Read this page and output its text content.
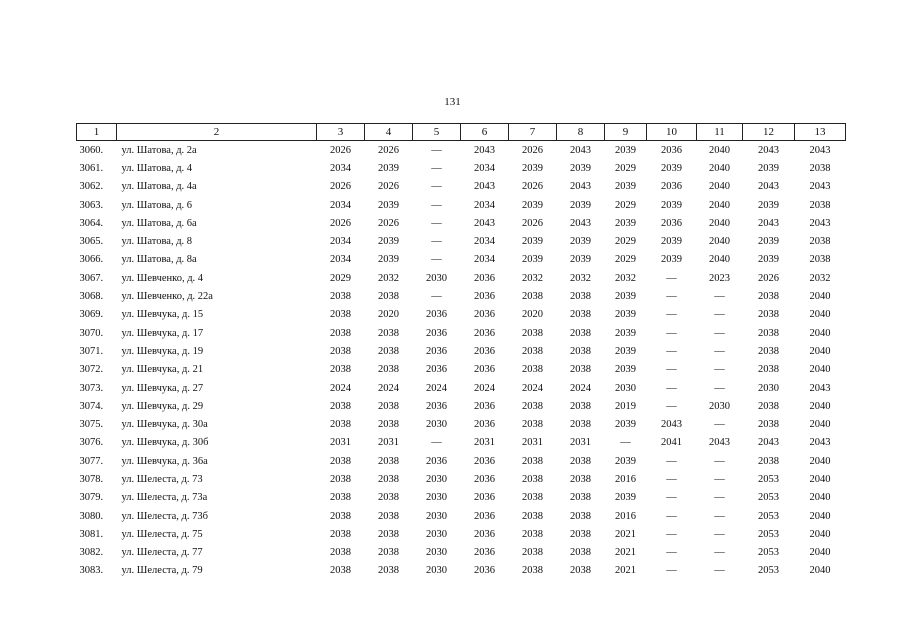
131
1	2	3	4	5	6	7	8	9	10	11	12	13
3060.	ул. Шатова, д. 2а	2026	2026	—	2043	2026	2043	2039	2036	2040	2043	2043
3061.	ул. Шатова, д. 4	2034	2039	—	2034	2039	2039	2029	2039	2040	2039	2038
3062.	ул. Шатова, д. 4а	2026	2026	—	2043	2026	2043	2039	2036	2040	2043	2043
3063.	ул. Шатова, д. 6	2034	2039	—	2034	2039	2039	2029	2039	2040	2039	2038
3064.	ул. Шатова, д. 6а	2026	2026	—	2043	2026	2043	2039	2036	2040	2043	2043
3065.	ул. Шатова, д. 8	2034	2039	—	2034	2039	2039	2029	2039	2040	2039	2038
3066.	ул. Шатова, д. 8а	2034	2039	—	2034	2039	2039	2029	2039	2040	2039	2038
3067.	ул. Шевченко, д. 4	2029	2032	2030	2036	2032	2032	2032	—	2023	2026	2032
3068.	ул. Шевченко, д. 22а	2038	2038	—	2036	2038	2038	2039	—	—	2038	2040
3069.	ул. Шевчука, д. 15	2038	2020	2036	2036	2020	2038	2039	—	—	2038	2040
3070.	ул. Шевчука, д. 17	2038	2038	2036	2036	2038	2038	2039	—	—	2038	2040
3071.	ул. Шевчука, д. 19	2038	2038	2036	2036	2038	2038	2039	—	—	2038	2040
3072.	ул. Шевчука, д. 21	2038	2038	2036	2036	2038	2038	2039	—	—	2038	2040
3073.	ул. Шевчука, д. 27	2024	2024	2024	2024	2024	2024	2030	—	—	2030	2043
3074.	ул. Шевчука, д. 29	2038	2038	2036	2036	2038	2038	2019	—	2030	2038	2040
3075.	ул. Шевчука, д. 30а	2038	2038	2030	2036	2038	2038	2039	2043	—	2038	2040
3076.	ул. Шевчука, д. 30б	2031	2031	—	2031	2031	2031	—	2041	2043	2043	2043
3077.	ул. Шевчука, д. 36а	2038	2038	2036	2036	2038	2038	2039	—	—	2038	2040
3078.	ул. Шелеста, д. 73	2038	2038	2030	2036	2038	2038	2016	—	—	2053	2040
3079.	ул. Шелеста, д. 73а	2038	2038	2030	2036	2038	2038	2039	—	—	2053	2040
3080.	ул. Шелеста, д. 73б	2038	2038	2030	2036	2038	2038	2016	—	—	2053	2040
3081.	ул. Шелеста, д. 75	2038	2038	2030	2036	2038	2038	2021	—	—	2053	2040
3082.	ул. Шелеста, д. 77	2038	2038	2030	2036	2038	2038	2021	—	—	2053	2040
3083.	ул. Шелеста, д. 79	2038	2038	2030	2036	2038	2038	2021	—	—	2053	2040
